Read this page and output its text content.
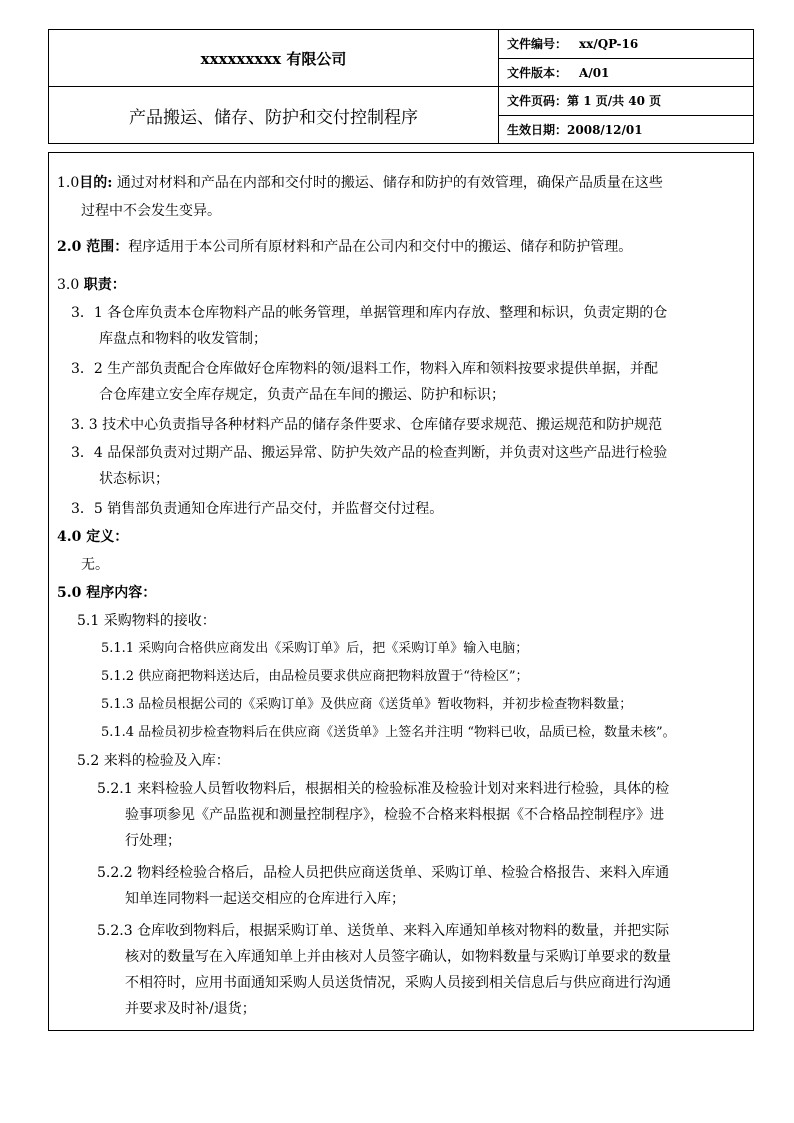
xxxxxxxxx 有限公司	文件编号： xx/QP-16
	文件版本： A/01
产品搬运、储存、防护和交付控制程序	文件页码：第 1 页/共 40 页
	生效日期：2008/12/01
1.0目的: 通过对材料和产品在内部和交付时的搬运、储存和防护的有效管理，确保产品质量在这些
过程中不会发生变异。
2.0 范围：程序适用于本公司所有原材料和产品在公司内和交付中的搬运、储存和防护管理。
3.0 职责：
3．1 各仓库负责本仓库物料产品的帐务管理，单据管理和库内存放、整理和标识，负责定期的仓
库盘点和物料的收发管制；
3．2 生产部负责配合仓库做好仓库物料的领/退料工作，物料入库和领料按要求提供单据，并配
合仓库建立安全库存规定，负责产品在车间的搬运、防护和标识；
3. 3 技术中心负责指导各种材料产品的储存条件要求、仓库储存要求规范、搬运规范和防护规范
3．4 品保部负责对过期产品、搬运异常、防护失效产品的检查判断，并负责对这些产品进行检验
状态标识；
3．5 销售部负责通知仓库进行产品交付，并监督交付过程。
4.0 定义：
无。
5.0 程序内容：
5.1 采购物料的接收：
5.1.1 采购向合格供应商发出《采购订单》后，把《采购订单》输入电脑；
5.1.2 供应商把物料送达后，由品检员要求供应商把物料放置于“待检区”；
5.1.3 品检员根据公司的《采购订单》及供应商《送货单》暂收物料，并初步检查物料数量；
5.1.4 品检员初步检查物料后在供应商《送货单》上签名并注明 “物料已收，品质已检，数量未核”。
5.2 来料的检验及入库：
5.2.1 来料检验人员暂收物料后，根据相关的检验标准及检验计划对来料进行检验，具体的检
验事项参见《产品监视和测量控制程序》，检验不合格来料根据《不合格品控制程序》进
行处理；
5.2.2 物料经检验合格后，品检人员把供应商送货单、采购订单、检验合格报告、来料入库通
知单连同物料一起送交相应的仓库进行入库；
5.2.3 仓库收到物料后，根据采购订单、送货单、来料入库通知单核对物料的数量，并把实际
核对的数量写在入库通知单上并由核对人员签字确认，如物料数量与采购订单要求的数量
不相符时，应用书面通知采购人员送货情况，采购人员接到相关信息后与供应商进行沟通
并要求及时补/退货；
